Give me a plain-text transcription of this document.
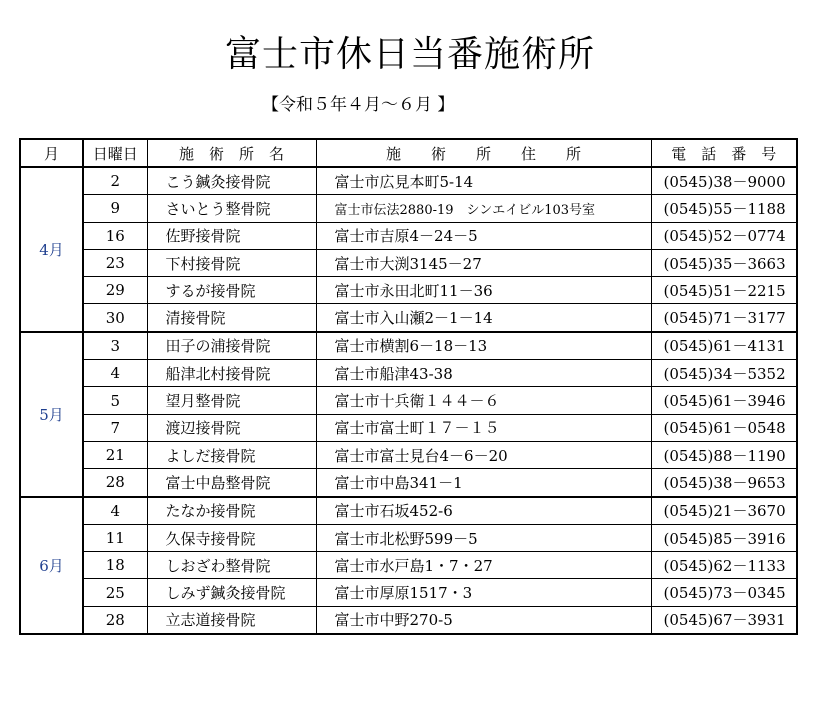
富士市休日当番施術所
【令和５年４月～６月 】
月	日曜日	施　術　所　名	施　　術　　所　　住　　所	電　話　番　号
4月	2	こう鍼灸接骨院	富士市広見本町5-14	(0545)38－9000
	9	さいとう整骨院	富士市伝法2880-19　シンエイビル103号室	(0545)55－1188
	16	佐野接骨院	富士市吉原4－24－5	(0545)52－0774
	23	下村接骨院	富士市大渕3145－27	(0545)35－3663
	29	するが接骨院	富士市永田北町11－36	(0545)51－2215
	30	清接骨院	富士市入山瀬2－1－14	(0545)71－3177
5月	3	田子の浦接骨院	富士市横割6－18－13	(0545)61－4131
	4	船津北村接骨院	富士市船津43-38	(0545)34－5352
	5	望月整骨院	富士市十兵衛１４４－６	(0545)61－3946
	7	渡辺接骨院	富士市富士町１７－１５	(0545)61－0548
	21	よしだ接骨院	富士市富士見台4－6－20	(0545)88－1190
	28	富士中島整骨院	富士市中島341－1	(0545)38－9653
6月	4	たなか接骨院	富士市石坂452-6	(0545)21－3670
	11	久保寺接骨院	富士市北松野599－5	(0545)85－3916
	18	しおざわ整骨院	富士市水戸島1・7・27	(0545)62－1133
	25	しみず鍼灸接骨院	富士市厚原1517・3	(0545)73－0345
	28	立志道接骨院	富士市中野270-5	(0545)67－3931
